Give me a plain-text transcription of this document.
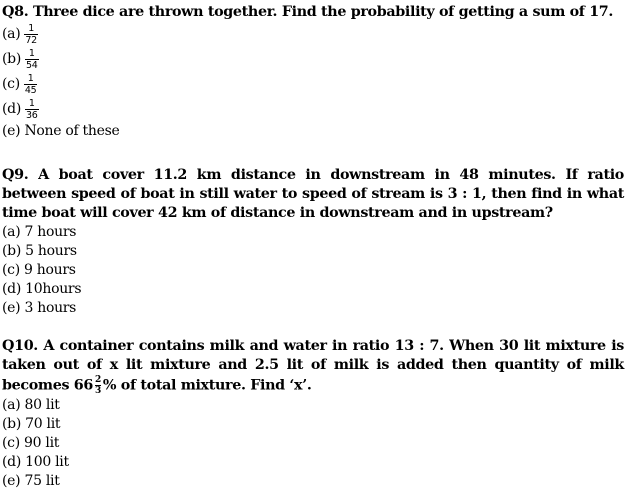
Q8. Three dice are thrown together. Find the probability of getting a sum of 17.
$(a) \frac{1}{72}$
$(b) \frac{1}{54}$
$(c) \frac{1}{45}$
$(d) \frac{1}{36}$
(e) None of these
Q9. A boat cover 11.2 km distance in downstream in 48 minutes. If ratio between speed of boat in still water to speed of stream is 3 : 1, then find in what time boat will cover 42 km of distance in downstream and in upstream?
(a) 7 hours
(b) 5 hours
(c) 9 hours
(d) 10hours
(e) 3 hours
Q10. A container contains milk and water in ratio 13 : 7. When 30 lit mixture is taken out of x lit mixture and 2.5 lit of milk is added then quantity of milk becomes $66 \frac{2}{3}$ % of total mixture. Find ‘x’.
(a) 80 lit
(b) 70 lit
(c) 90 lit
(d) 100 lit
(e) 75 lit
